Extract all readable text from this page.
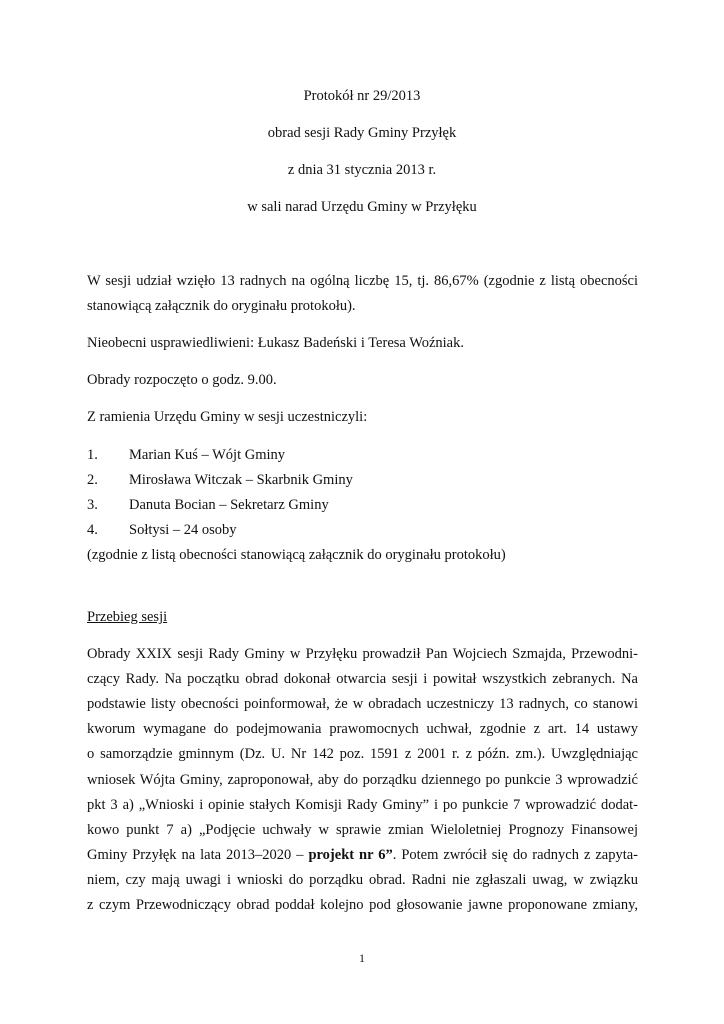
Protokół nr 29/2013
obrad sesji Rady Gminy Przyłęk
z dnia 31 stycznia 2013 r.
w sali narad Urzędu Gminy w Przyłęku
W sesji udział wzięło 13 radnych na ogólną liczbę 15, tj. 86,67% (zgodnie z listą obecności
stanowiącą załącznik do oryginału protokołu).
Nieobecni usprawiedliwieni: Łukasz Badeński i Teresa Woźniak.
Obrady rozpoczęto o godz. 9.00.
Z ramienia Urzędu Gminy w sesji uczestniczyli:
1. Marian Kuś – Wójt Gminy
2. Mirosława Witczak – Skarbnik Gminy
3. Danuta Bocian – Sekretarz Gminy
4. Sołtysi – 24 osoby
(zgodnie z listą obecności stanowiącą załącznik do oryginału protokołu)
Przebieg sesji
Obrady XXIX sesji Rady Gminy w Przyłęku prowadził Pan Wojciech Szmajda, Przewodni-
czący Rady. Na początku obrad dokonał otwarcia sesji i powitał wszystkich zebranych. Na
podstawie listy obecności poinformował, że w obradach uczestniczy 13 radnych, co stanowi
kworum wymagane do podejmowania prawomocnych uchwał, zgodnie z art. 14 ustawy
o samorządzie gminnym (Dz. U. Nr 142 poz. 1591 z 2001 r. z późn. zm.). Uwzględniając
wniosek Wójta Gminy, zaproponował, aby do porządku dziennego po punkcie 3 wprowadzić
pkt 3 a) „Wnioski i opinie stałych Komisji Rady Gminy” i po punkcie 7 wprowadzić dodat-
kowo punkt 7 a) „Podjęcie uchwały w sprawie zmian Wieloletniej Prognozy Finansowej
Gminy Przyłęk na lata 2013–2020 – projekt nr 6”. Potem zwrócił się do radnych z zapyta-
niem, czy mają uwagi i wnioski do porządku obrad. Radni nie zgłaszali uwag, w związku
z czym Przewodniczący obrad poddał kolejno pod głosowanie jawne proponowane zmiany,
1
